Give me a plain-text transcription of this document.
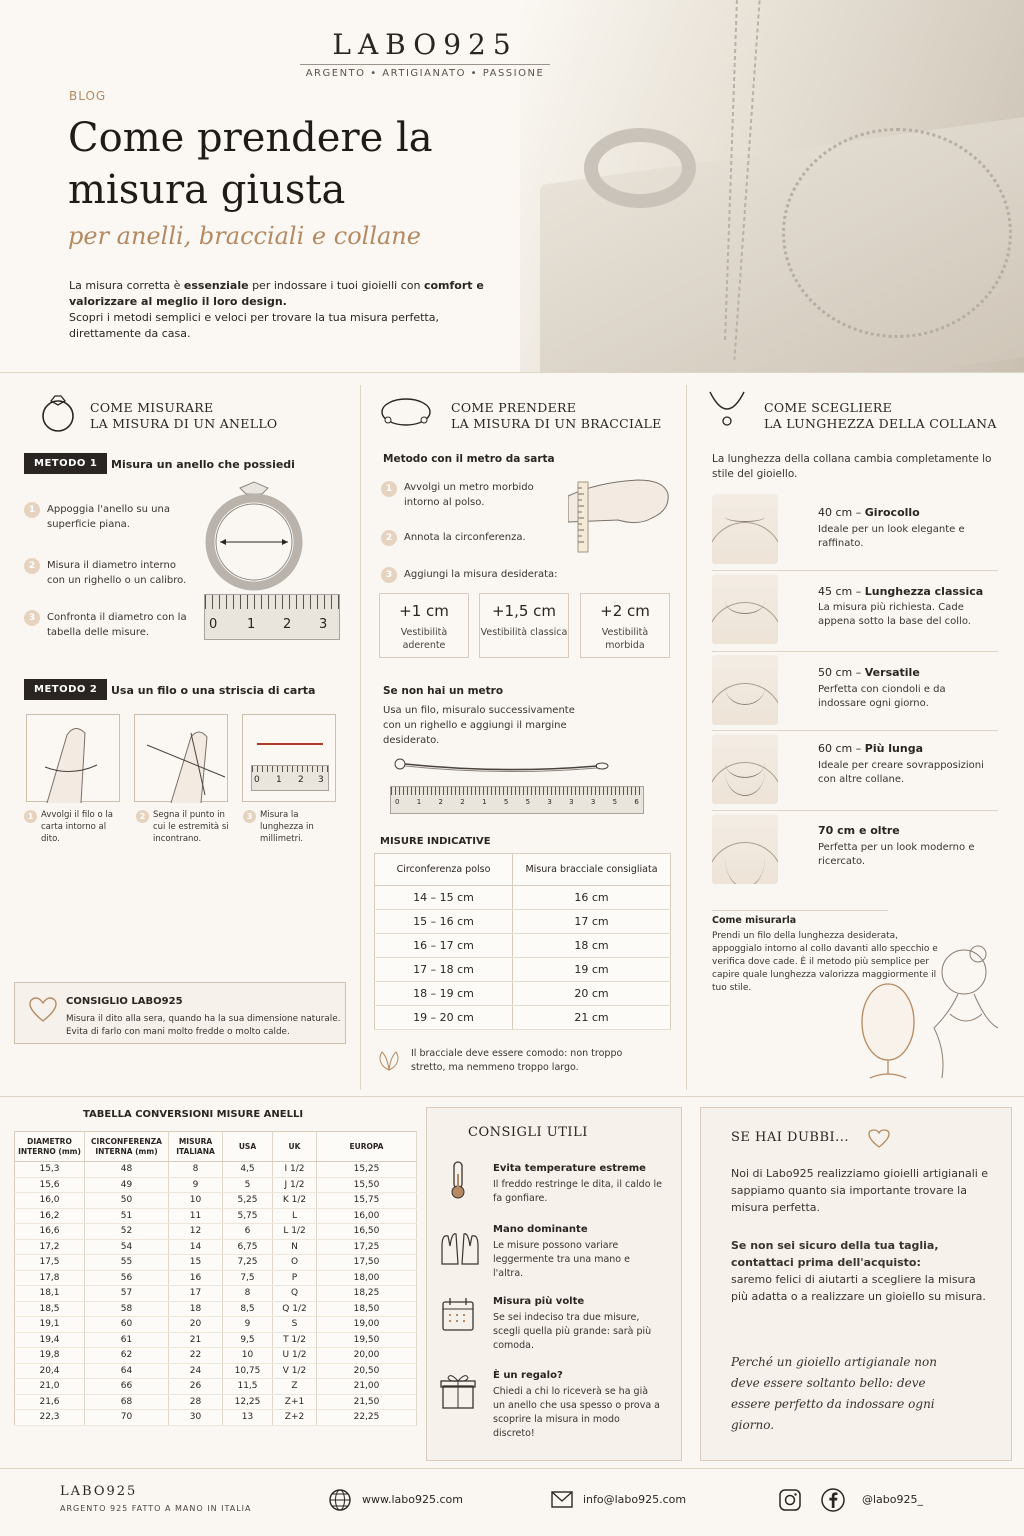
LABO925
ARGENTO • ARTIGIANATO • PASSIONE
BLOG
Come prendere la misura giusta
per anelli, bracciali e collane
La misura corretta è essenziale per indossare i tuoi gioielli con comfort e valorizzare al meglio il loro design.
Scopri i metodi semplici e veloci per trovare la tua misura perfetta, direttamente da casa.
COME MISURARE
LA MISURA DI UN ANELLO
METODO 1	Misura un anello che possiedi
1	Appoggia l'anello su una superficie piana.
2	Misura il diametro interno con un righello o un calibro.
3	Confronta il diametro con la tabella delle misure.
0 1 2 3
METODO 2	Usa un filo o una striscia di carta
0 1 2 3
1 Avvolgi il filo o la carta intorno al dito.
2 Segna il punto in cui le estremità si incontrano.
3 Misura la lunghezza in millimetri.
CONSIGLIO LABO925
Misura il dito alla sera, quando ha la sua dimensione naturale. Evita di farlo con mani molto fredde o molto calde.
COME PRENDERE
LA MISURA DI UN BRACCIALE
Metodo con il metro da sarta
1	Avvolgi un metro morbido intorno al polso.
2	Annota la circonferenza.
3	Aggiungi la misura desiderata:
+1 cm
Vestibilità aderente
+1,5 cm
Vestibilità classica
+2 cm
Vestibilità morbida
Se non hai un metro
Usa un filo, misuralo successivamente con un righello e aggiungi il margine desiderato.
0 1 2 2 1 5 5 3 3 3 5 6
MISURE INDICATIVE
Circonferenza polso	Misura bracciale consigliata
14 – 15 cm	16 cm
15 – 16 cm	17 cm
16 – 17 cm	18 cm
17 – 18 cm	19 cm
18 – 19 cm	20 cm
19 – 20 cm	21 cm
Il bracciale deve essere comodo: non troppo stretto, ma nemmeno troppo largo.
COME SCEGLIERE
LA LUNGHEZZA DELLA COLLANA
La lunghezza della collana cambia completamente lo stile del gioiello.
40 cm – Girocollo
Ideale per un look elegante e raffinato.
45 cm – Lunghezza classica
La misura più richiesta. Cade appena sotto la base del collo.
50 cm – Versatile
Perfetta con ciondoli e da indossare ogni giorno.
60 cm – Più lunga
Ideale per creare sovrapposizioni con altre collane.
70 cm e oltre
Perfetta per un look moderno e ricercato.
Come misurarla
Prendi un filo della lunghezza desiderata, appoggialo intorno al collo davanti allo specchio e verifica dove cade. È il metodo più semplice per capire quale lunghezza valorizza maggiormente il tuo stile.
TABELLA CONVERSIONI MISURE ANELLI
DIAMETRO INTERNO (mm)	CIRCONFERENZA INTERNA (mm)	MISURA ITALIANA	USA	UK	EUROPA
15,3	48	8	4,5	I 1/2	15,25
15,6	49	9	5	J 1/2	15,50
16,0	50	10	5,25	K 1/2	15,75
16,2	51	11	5,75	L	16,00
16,6	52	12	6	L 1/2	16,50
17,2	54	14	6,75	N	17,25
17,5	55	15	7,25	O	17,50
17,8	56	16	7,5	P	18,00
18,1	57	17	8	Q	18,25
18,5	58	18	8,5	Q 1/2	18,50
19,1	60	20	9	S	19,00
19,4	61	21	9,5	T 1/2	19,50
19,8	62	22	10	U 1/2	20,00
20,4	64	24	10,75	V 1/2	20,50
21,0	66	26	11,5	Z	21,00
21,6	68	28	12,25	Z+1	21,50
22,3	70	30	13	Z+2	22,25
CONSIGLI UTILI
Evita temperature estreme
Il freddo restringe le dita, il caldo le fa gonfiare.
Mano dominante
Le misure possono variare leggermente tra una mano e l'altra.
Misura più volte
Se sei indeciso tra due misure, scegli quella più grande: sarà più comoda.
È un regalo?
Chiedi a chi lo riceverà se ha già un anello che usa spesso o prova a scoprire la misura in modo discreto!
SE HAI DUBBI...
Noi di Labo925 realizziamo gioielli artigianali e sappiamo quanto sia importante trovare la misura perfetta.
Se non sei sicuro della tua taglia, contattaci prima dell'acquisto:
saremo felici di aiutarti a scegliere la misura più adatta o a realizzare un gioiello su misura.
Perché un gioiello artigianale non deve essere soltanto bello: deve essere perfetto da indossare ogni giorno.
LABO925
ARGENTO 925 FATTO A MANO IN ITALIA
www.labo925.com	info@labo925.com	@labo925_
